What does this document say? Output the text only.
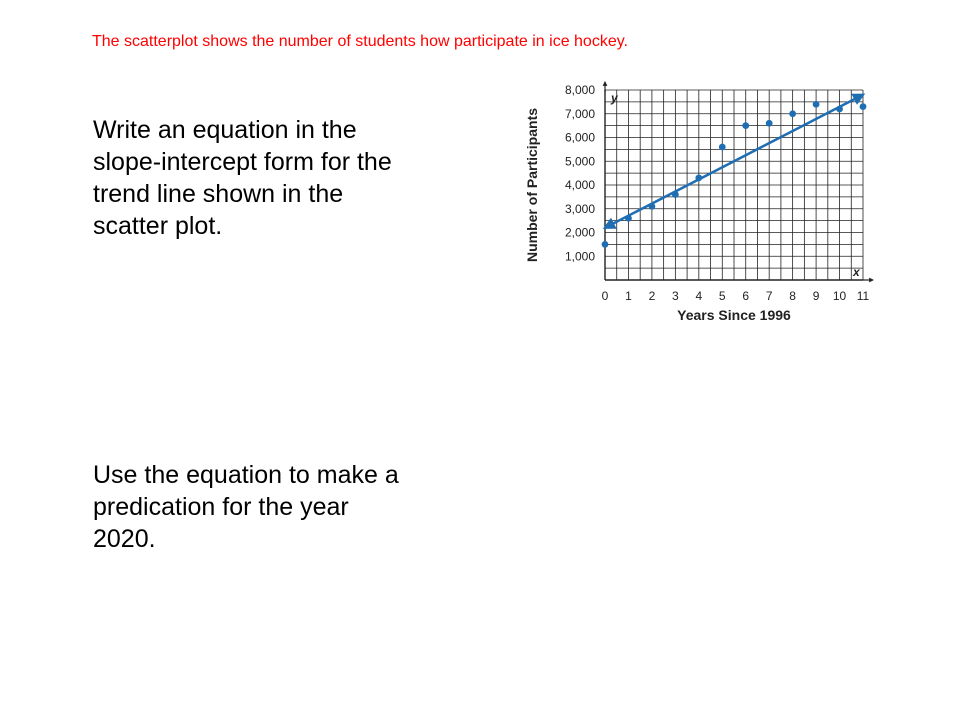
The scatterplot shows the number of students how participate in ice hockey.
Write an equation in the slope-intercept form for the trend line shown in the scatter plot.
Use the equation to make a predication for the year 2020.
y
x
0 1 2 3 4 5 6 7 8 9 10 11
1,000
2,000
3,000
4,000
5,000
6,000
7,000
8,000
Years Since 1996
Number of Participants
